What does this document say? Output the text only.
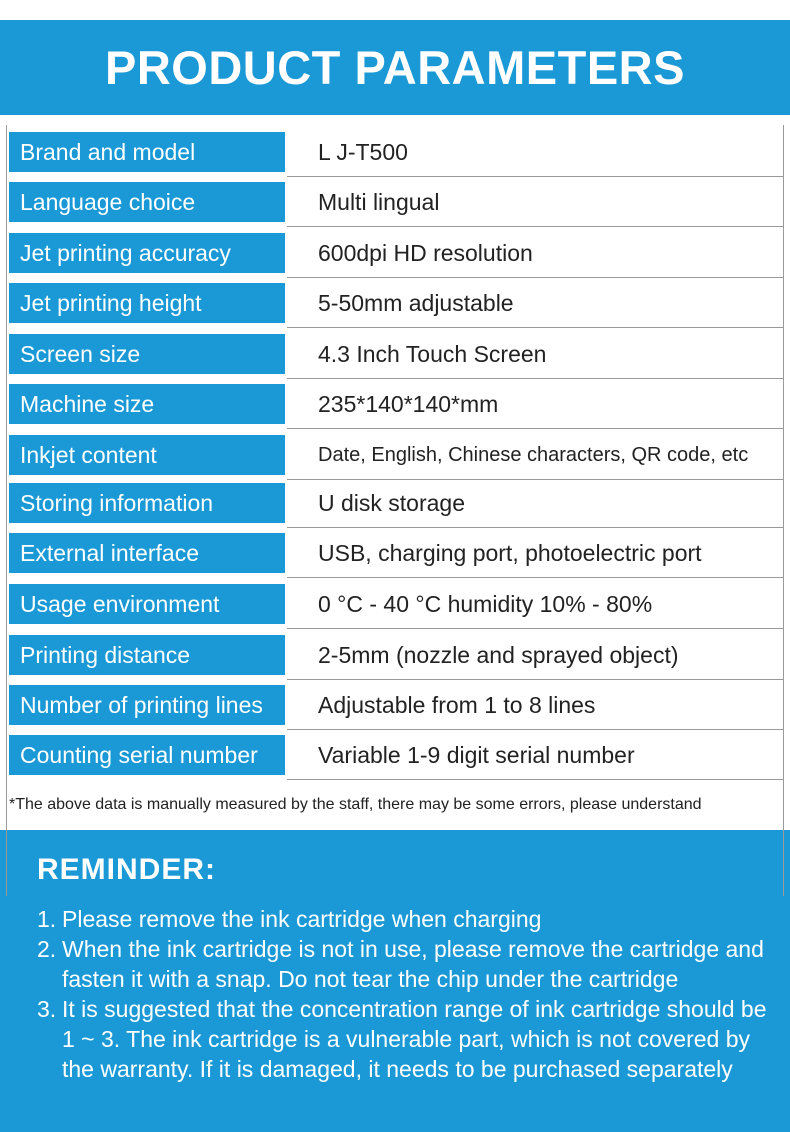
PRODUCT PARAMETERS
Brand and model	L J-T500
Language choice	Multi lingual
Jet printing accuracy	600dpi HD resolution
Jet printing height	5-50mm adjustable
Screen size	4.3 Inch Touch Screen
Machine size	235*140*140*mm
Inkjet content	Date, English, Chinese characters, QR code, etc
Storing information	U disk storage
External interface	USB, charging port, photoelectric port
Usage environment	0 °C - 40 °C humidity 10% - 80%
Printing distance	2-5mm (nozzle and sprayed object)
Number of printing lines	Adjustable from 1 to 8 lines
Counting serial number	Variable 1-9 digit serial number
*The above data is manually measured by the staff, there may be some errors, please understand
REMINDER:
1. Please remove the ink cartridge when charging
2. When the ink cartridge is not in use, please remove the cartridge and fasten it with a snap. Do not tear the chip under the cartridge
3. It is suggested that the concentration range of ink cartridge should be 1 ~ 3. The ink cartridge is a vulnerable part, which is not covered by the warranty. If it is damaged, it needs to be purchased separately
